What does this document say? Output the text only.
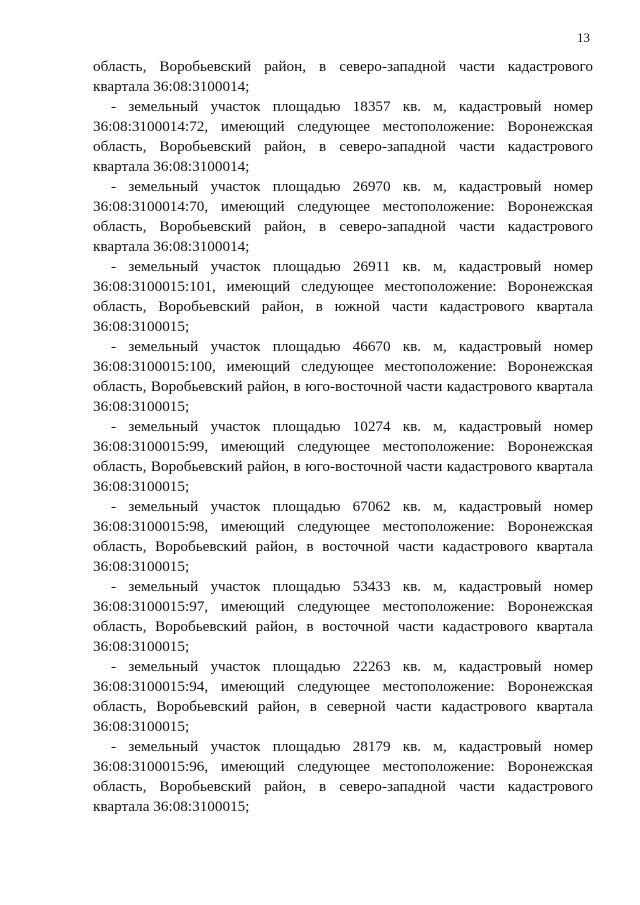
13

область, Воробьевский район, в северо-западной части кадастрового квартала 36:08:3100014;

- земельный участок площадью 18357 кв. м, кадастровый номер 36:08:3100014:72, имеющий следующее местоположение: Воронежская область, Воробьевский район, в северо-западной части кадастрового квартала 36:08:3100014;

- земельный участок площадью 26970 кв. м, кадастровый номер 36:08:3100014:70, имеющий следующее местоположение: Воронежская область, Воробьевский район, в северо-западной части кадастрового квартала 36:08:3100014;

- земельный участок площадью 26911 кв. м, кадастровый номер 36:08:3100015:101, имеющий следующее местоположение: Воронежская область, Воробьевский район, в южной части кадастрового квартала 36:08:3100015;

- земельный участок площадью 46670 кв. м, кадастровый номер 36:08:3100015:100, имеющий следующее местоположение: Воронежская область, Воробьевский район, в юго-восточной части кадастрового квартала 36:08:3100015;

- земельный участок площадью 10274 кв. м, кадастровый номер 36:08:3100015:99, имеющий следующее местоположение: Воронежская область, Воробьевский район, в юго-восточной части кадастрового квартала 36:08:3100015;

- земельный участок площадью 67062 кв. м, кадастровый номер 36:08:3100015:98, имеющий следующее местоположение: Воронежская область, Воробьевский район, в восточной части кадастрового квартала 36:08:3100015;

- земельный участок площадью 53433 кв. м, кадастровый номер 36:08:3100015:97, имеющий следующее местоположение: Воронежская область, Воробьевский район, в восточной части кадастрового квартала 36:08:3100015;

- земельный участок площадью 22263 кв. м, кадастровый номер 36:08:3100015:94, имеющий следующее местоположение: Воронежская область, Воробьевский район, в северной части кадастрового квартала 36:08:3100015;

- земельный участок площадью 28179 кв. м, кадастровый номер 36:08:3100015:96, имеющий следующее местоположение: Воронежская область, Воробьевский район, в северо-западной части кадастрового квартала 36:08:3100015;
